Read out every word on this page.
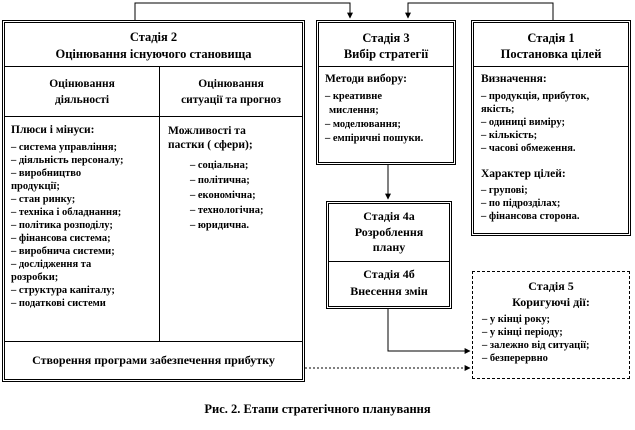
Стадія 2
Оцінювання існуючого становища
Оцінювання
діяльності
Оцінювання
ситуації та прогноз
Плюси і мінуси:
– система управління;
– діяльність персоналу;
– виробництво
продукції;
– стан ринку;
– техніка і обладнання;
– політика розподілу;
– фінансова система;
– виробнича системи;
– дослідження та
розробки;
– структура капіталу;
– податкові системи
Можливості та
пастки ( сфери);
– соціальна;
– політична;
– економічна;
– технологічна;
– юридична.
Створення програми забезпечення прибутку
Стадія 3
Вибір стратегії
Методи вибору:
– креативне
мислення;
– моделювання;
– емпіричні пошуки.
Стадія 1
Постановка цілей
Визначення:
– продукція, прибуток,
якість;
– одиниці виміру;
– кількість;
– часові обмеження.
Характер цілей:
– групові;
– по підрозділах;
– фінансова сторона.
Стадія 4а
Розроблення
плану
Стадія 4б
Внесення змін	Стадія 5
Коригуючі дії:
– у кінці року;
– у кінці періоду;
– залежно від ситуації;
– безперервно
Рис. 2. Етапи стратегічного планування
